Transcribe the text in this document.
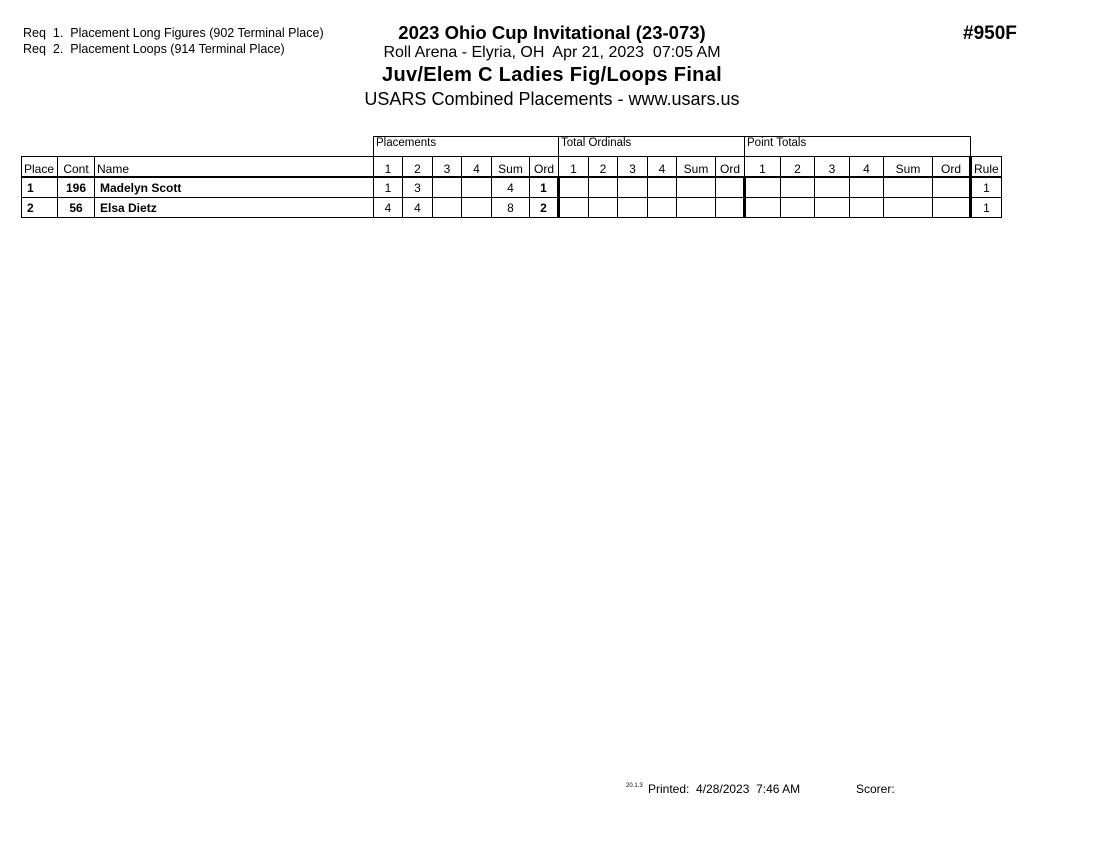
Req  1.  Placement Long Figures (902 Terminal Place)
Req  2.  Placement Loops (914 Terminal Place)
2023 Ohio Cup Invitational (23-073)
Roll Arena - Elyria, OH  Apr 21, 2023  07:05 AM
Juv/Elem C Ladies Fig/Loops Final
USARS Combined Placements - www.usars.us
#950F
			Placements						Total Ordinals						Point Totals						
Place	Cont	Name	1	2	3	4	Sum	Ord	1	2	3	4	Sum	Ord	1	2	3	4	Sum	Ord	Rule
1	196	Madelyn Scott	1	3			4	1													1
2	56	Elsa Dietz	4	4			8	2													1
20.1.3 Printed:  4/28/2023  7:46 AM	Scorer:
